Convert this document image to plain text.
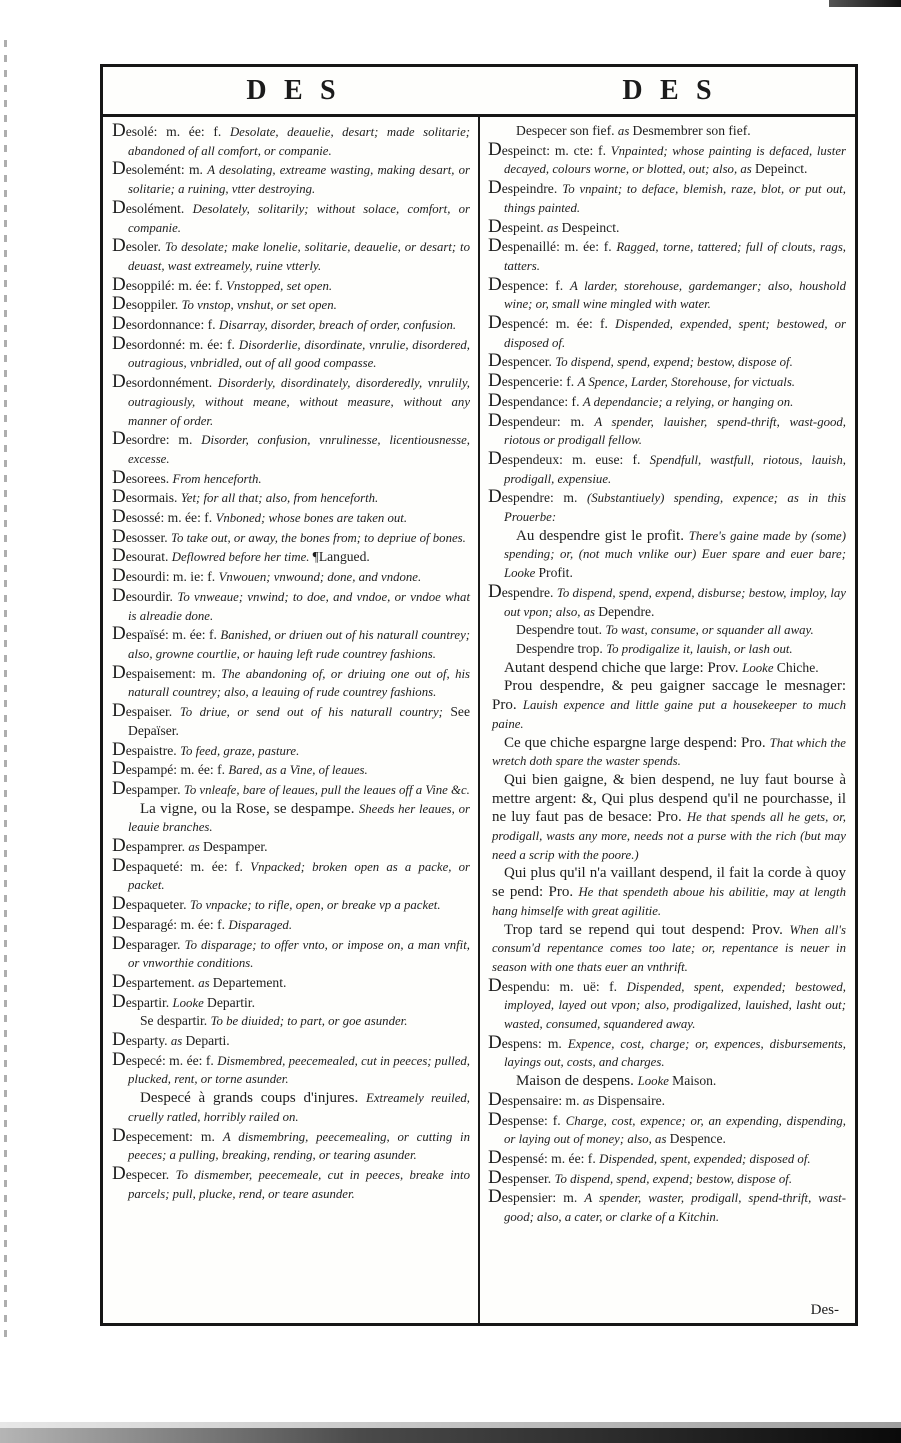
DES	DES

Desolé: m. ée: f. Desolate, deauelie, desart; made solitarie; abandoned of all comfort, or companie.

Desolemént: m. A desolating, extreame wasting, making desart, or solitarie; a ruining, vtter destroying.

Desolément. Desolately, solitarily; without solace, comfort, or companie.

Desoler. To desolate; make lonelie, solitarie, deauelie, or desart; to deuast, wast extreamely, ruine vtterly.

Desoppilé: m. ée: f. Vnstopped, set open.

Desoppiler. To vnstop, vnshut, or set open.

Desordonnance: f. Disarray, disorder, breach of order, confusion.

Desordonné: m. ée: f. Disorderlie, disordinate, vnrulie, disordered, outragious, vnbridled, out of all good compasse.

Desordonnément. Disorderly, disordinately, disorderedly, vnrulily, outragiously, without meane, without measure, without any manner of order.

Desordre: m. Disorder, confusion, vnrulinesse, licentiousnesse, excesse.

Desorees. From henceforth.

Desormais. Yet; for all that; also, from henceforth.

Desossé: m. ée: f. Vnboned; whose bones are taken out.

Desosser. To take out, or away, the bones from; to depriue of bones.

Desourat. Deflowred before her time. ¶Langued.

Desourdi: m. ie: f. Vnwouen; vnwound; done, and vndone.

Desourdir. To vnweaue; vnwind; to doe, and vndoe, or vndoe what is alreadie done.

Despaïsé: m. ée: f. Banished, or driuen out of his naturall countrey; also, growne courtlie, or hauing left rude countrey fashions.

Despaisement: m. The abandoning of, or driuing one out of, his naturall countrey; also, a leauing of rude countrey fashions.

Despaiser. To driue, or send out of his naturall country; See Depaïser.

Despaistre. To feed, graze, pasture.

Despampé: m. ée: f. Bared, as a Vine, of leaues.

Despamper. To vnleafe, bare of leaues, pull the leaues off a Vine &c.

La vigne, ou la Rose, se despampe. Sheeds her leaues, or leauie branches.

Despamprer. as Despamper.

Despaqueté: m. ée: f. Vnpacked; broken open as a packe, or packet.

Despaqueter. To vnpacke; to rifle, open, or breake vp a packet.

Desparagé: m. ée: f. Disparaged.

Desparager. To disparage; to offer vnto, or impose on, a man vnfit, or vnworthie conditions.

Despartement. as Departement.

Despartir. Looke Departir.

Se despartir. To be diuided; to part, or goe asunder.

Desparty. as Departi.

Despecé: m. ée: f. Dismembred, peecemealed, cut in peeces; pulled, plucked, rent, or torne asunder.

Despecé à grands coups d'injures. Extreamely reuiled, cruelly ratled, horribly railed on.

Despecement: m. A dismembring, peecemealing, or cutting in peeces; a pulling, breaking, rending, or tearing asunder.

Despecer. To dismember, peecemeale, cut in peeces, breake into parcels; pull, plucke, rend, or teare asunder.

Despecer son fief. as Desmembrer son fief.

Despeinct: m. cte: f. Vnpainted; whose painting is defaced, luster decayed, colours worne, or blotted, out; also, as Depeinct.

Despeindre. To vnpaint; to deface, blemish, raze, blot, or put out, things painted.

Despeint. as Despeinct.

Despenaillé: m. ée: f. Ragged, torne, tattered; full of clouts, rags, tatters.

Despence: f. A larder, storehouse, gardemanger; also, houshold wine; or, small wine mingled with water.

Despencé: m. ée: f. Dispended, expended, spent; bestowed, or disposed of.

Despencer. To dispend, spend, expend; bestow, dispose of.

Despencerie: f. A Spence, Larder, Storehouse, for victuals.

Despendance: f. A dependancie; a relying, or hanging on.

Despendeur: m. A spender, lauisher, spend-thrift, wast-good, riotous or prodigall fellow.

Despendeux: m. euse: f. Spendfull, wastfull, riotous, lauish, prodigall, expensiue.

Despendre: m. (Substantiuely) spending, expence; as in this Prouerbe:

Au despendre gist le profit. There's gaine made by (some) spending; or, (not much vnlike our) Euer spare and euer bare; Looke Profit.

Despendre. To dispend, spend, expend, disburse; bestow, imploy, lay out vpon; also, as Dependre.

Despendre tout. To wast, consume, or squander all away.

Despendre trop. To prodigalize it, lauish, or lash out.

Autant despend chiche que large: Prov. Looke Chiche.

Prou despendre, & peu gaigner saccage le mesnager: Pro. Lauish expence and little gaine put a housekeeper to much paine.

Ce que chiche espargne large despend: Pro. That which the wretch doth spare the waster spends.

Qui bien gaigne, & bien despend, ne luy faut bourse à mettre argent: &, Qui plus despend qu'il ne pourchasse, il ne luy faut pas de besace: Pro. He that spends all he gets, or, prodigall, wasts any more, needs not a purse with the rich (but may need a scrip with the poore.)

Qui plus qu'il n'a vaillant despend, il fait la corde à quoy se pend: Pro. He that spendeth aboue his abilitie, may at length hang himselfe with great agilitie.

Trop tard se repend qui tout despend: Prov. When all's consum'd repentance comes too late; or, repentance is neuer in season with one thats euer an vnthrift.

Despendu: m. uë: f. Dispended, spent, expended; bestowed, imployed, layed out vpon; also, prodigalized, lauished, lasht out; wasted, consumed, squandered away.

Despens: m. Expence, cost, charge; or, expences, disbursements, layings out, costs, and charges.

Maison de despens. Looke Maison.

Despensaire: m. as Dispensaire.

Despense: f. Charge, cost, expence; or, an expending, dispending, or laying out of money; also, as Despence.

Despensé: m. ée: f. Dispended, spent, expended; disposed of.

Despenser. To dispend, spend, expend; bestow, dispose of.

Despensier: m. A spender, waster, prodigall, spend-thrift, wast-good; also, a cater, or clarke of a Kitchin.

Des-
